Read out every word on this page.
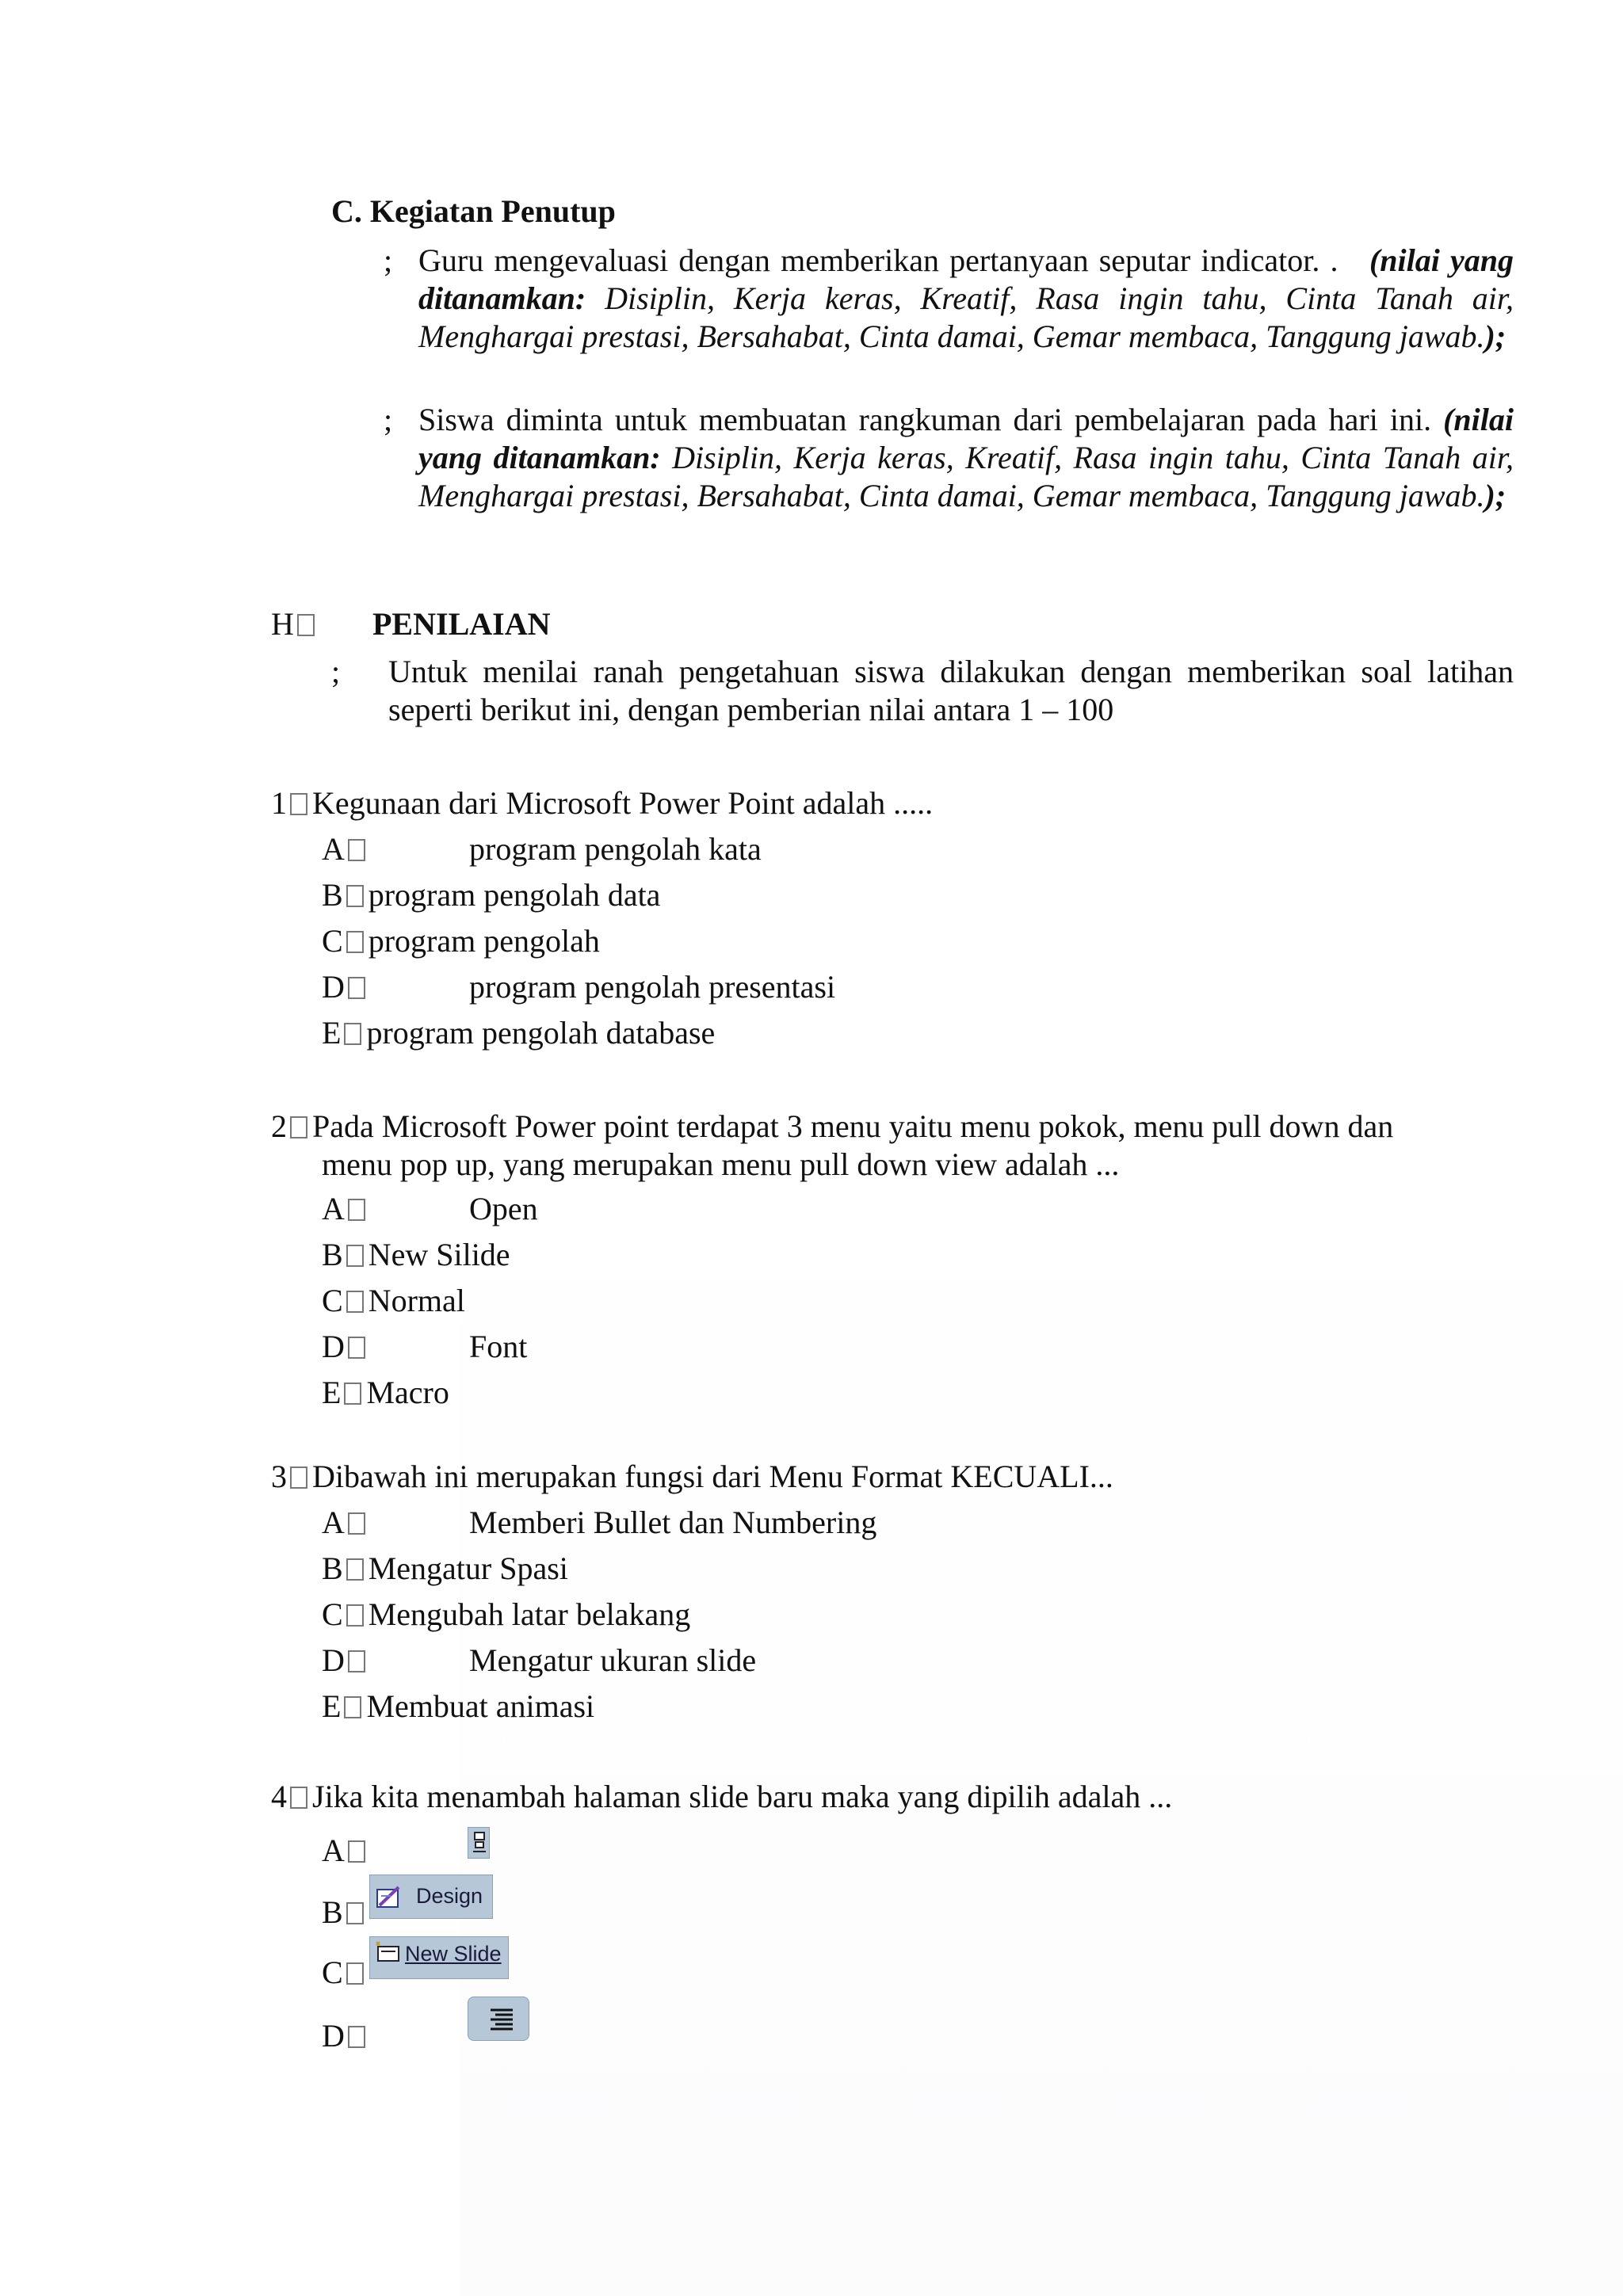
C. Kegiatan Penutup
; Guru mengevaluasi dengan memberikan pertanyaan seputar indicator. . (nilai yang ditanamkan: Disiplin, Kerja keras, Kreatif, Rasa ingin tahu, Cinta Tanah air, Menghargai prestasi, Bersahabat, Cinta damai, Gemar membaca, Tanggung jawab.);
; Siswa diminta untuk membuatan rangkuman dari pembelajaran pada hari ini. (nilai yang ditanamkan: Disiplin, Kerja keras, Kreatif, Rasa ingin tahu, Cinta Tanah air, Menghargai prestasi, Bersahabat, Cinta damai, Gemar membaca, Tanggung jawab.);
H	PENILAIAN
; Untuk menilai ranah pengetahuan siswa dilakukan dengan memberikan soal latihan seperti berikut ini, dengan pemberian nilai antara 1 – 100
1 Kegunaan dari Microsoft Power Point adalah .....
A	program pengolah kata
B program pengolah data
C program pengolah
D	program pengolah presentasi
E program pengolah database
2 Pada Microsoft Power point terdapat 3 menu yaitu menu pokok, menu pull down dan
menu pop up, yang merupakan menu pull down view adalah ...
A	Open
B New Silide
C Normal
D	Font
E Macro
3 Dibawah ini merupakan fungsi dari Menu Format KECUALI...
A	Memberi Bullet dan Numbering
B Mengatur Spasi
C Mengubah latar belakang
D	Mengatur ukuran slide
E Membuat animasi
4 Jika kita menambah halaman slide baru maka yang dipilih adalah ...
A
B	Design
C
New Slide
D
